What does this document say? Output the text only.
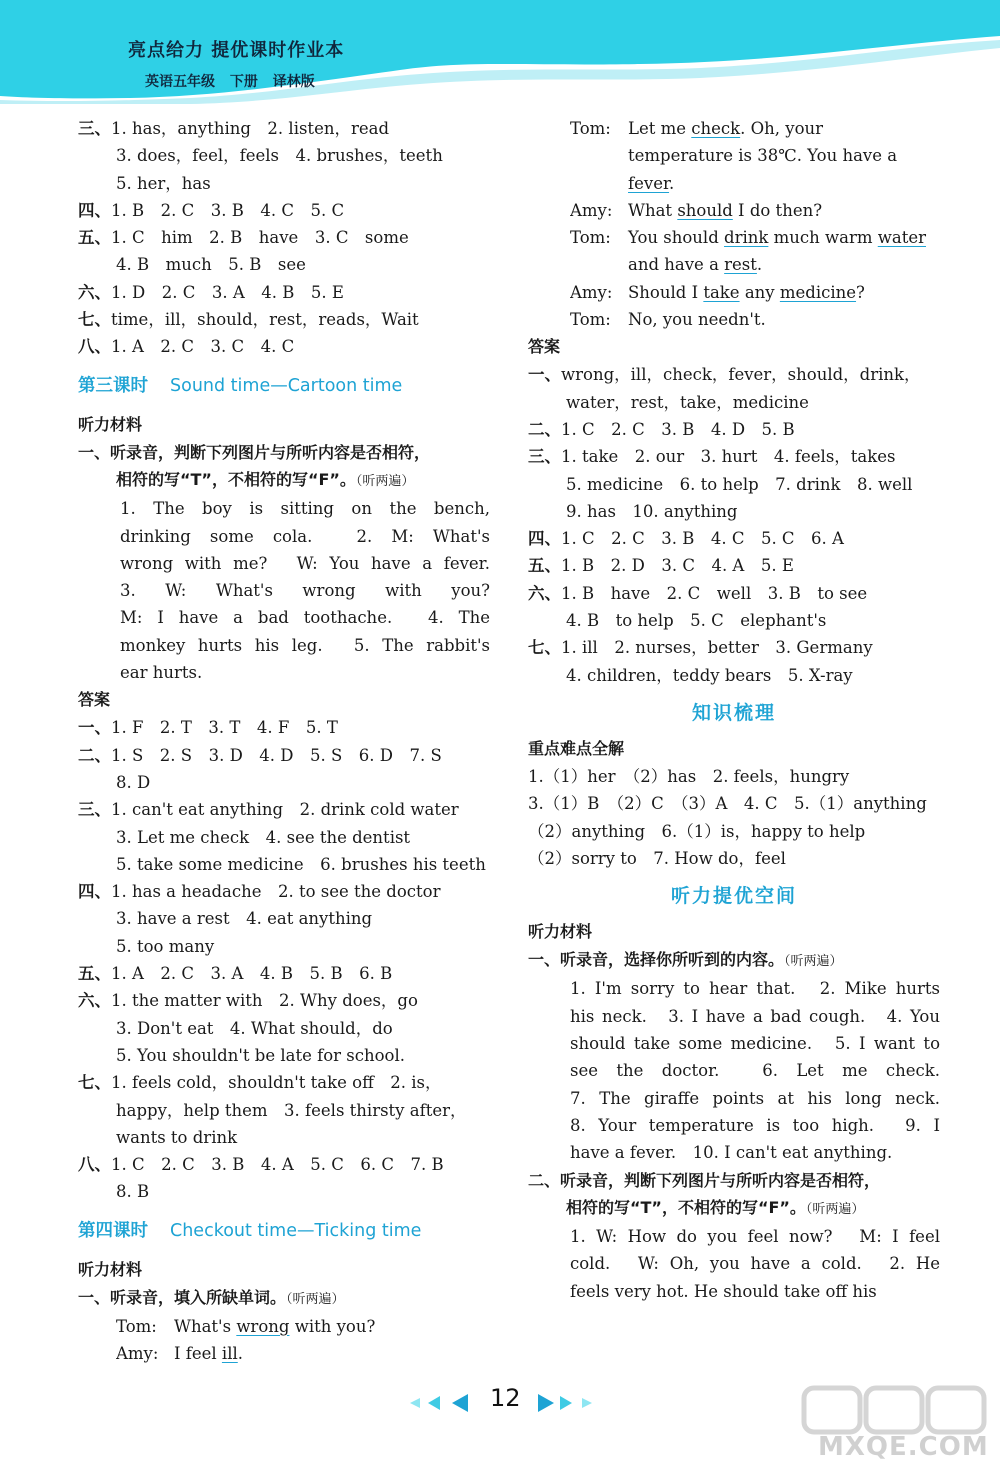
亮点给力 提优课时作业本
英语五年级 下册 译林版
三、1. has，anything　2. listen，read
3. does，feel，feels　4. brushes，teeth
5. her，has
四、1. B　2. C　3. B　4. C　5. C
五、1. C　him　2. B　have　3. C　some
4. B　much　5. B　see
六、1. D　2. C　3. A　4. B　5. E
七、time，ill，should，rest，reads，Wait
八、1. A　2. C　3. C　4. C
第三课时 Sound time—Cartoon time
听力材料
一、听录音，判断下列图片与所听内容是否相符，
相符的写“T”，不相符的写“F”。（听两遍）
1. The boy is sitting on the bench,
drinking some cola.　2. M: What's
wrong with me?　W: You have a fever.
3. W: What's wrong with you?
M: I have a bad toothache.　4. The
monkey hurts his leg.　5. The rabbit's
ear hurts.
答案
一、1. F　2. T　3. T　4. F　5. T
二、1. S　2. S　3. D　4. D　5. S　6. D　7. S
8. D
三、1. can't eat anything　2. drink cold water
3. Let me check　4. see the dentist
5. take some medicine　6. brushes his teeth
四、1. has a headache　2. to see the doctor
3. have a rest　4. eat anything
5. too many
五、1. A　2. C　3. A　4. B　5. B　6. B
六、1. the matter with　2. Why does，go
3. Don't eat　4. What should，do
5. You shouldn't be late for school.
七、1. feels cold，shouldn't take off　2. is，
happy，help them　3. feels thirsty after，
wants to drink
八、1. C　2. C　3. B　4. A　5. C　6. C　7. B
8. B
第四课时 Checkout time—Ticking time
听力材料
一、听录音，填入所缺单词。（听两遍）
Tom:	What's wrong with you?
Amy: I feel ill.
Tom:	Let me check. Oh, your
temperature is 38℃. You have a
fever.
Amy: What should I do then?
Tom:	You should drink much warm water
and have a rest.
Amy: Should I take any medicine?
Tom:	No, you needn't.
答案
一、wrong，ill，check，fever，should，drink，
water，rest，take，medicine
二、1. C　2. C　3. B　4. D　5. B
三、1. take　2. our　3. hurt　4. feels，takes
5. medicine　6. to help　7. drink　8. well
9. has　10. anything
四、1. C　2. C　3. B　4. C　5. C　6. A
五、1. B　2. D　3. C　4. A　5. E
六、1. B　have　2. C　well　3. B　to see
4. B　to help　5. C　elephant's
七、1. ill　2. nurses，better　3. Germany
4. children，teddy bears　5. X-ray
知识梳理
重点难点全解
1.（1）her　（2）has　2. feels，hungry
3.（1）B　（2）C　（3）A　4. C　5.（1）anything
（2）anything　6.（1）is，happy to help
（2）sorry to　7. How do，feel
听力提优空间
听力材料
一、听录音，选择你所听到的内容。（听两遍）
1. I'm sorry to hear that.　2. Mike hurts
his neck.　3. I have a bad cough.　4. You
should take some medicine.　5. I want to
see the doctor.　6. Let me check.
7. The giraffe points at his long neck.
8. Your temperature is too high.　9. I
have a fever.　10. I can't eat anything.
二、听录音，判断下列图片与所听内容是否相符，
相符的写“T”，不相符的写“F”。（听两遍）
1. W: How do you feel now?　M: I feel
cold.　W: Oh, you have a cold.　2. He
feels very hot. He should take off his
12
MXQE.COM
